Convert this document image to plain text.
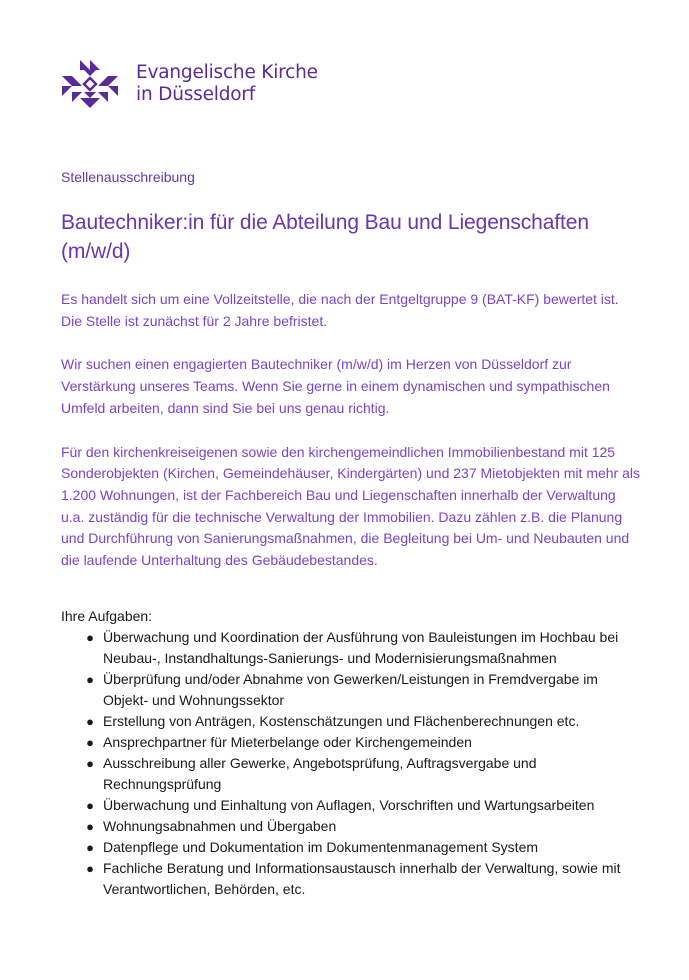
Evangelische Kirche
in Düsseldorf
Stellenausschreibung
Bautechniker:in für die Abteilung Bau und Liegenschaften (m/w/d)

Es handelt sich um eine Vollzeitstelle, die nach der Entgeltgruppe 9 (BAT-KF) bewertet ist. Die Stelle ist zunächst für 2 Jahre befristet.

Wir suchen einen engagierten Bautechniker (m/w/d) im Herzen von Düsseldorf zur Verstärkung unseres Teams. Wenn Sie gerne in einem dynamischen und sympathischen Umfeld arbeiten, dann sind Sie bei uns genau richtig.

Für den kirchenkreiseigenen sowie den kirchengemeindlichen Immobilienbestand mit 125 Sonderobjekten (Kirchen, Gemeindehäuser, Kindergärten) und 237 Mietobjekten mit mehr als 1.200 Wohnungen, ist der Fachbereich Bau und Liegenschaften innerhalb der Verwaltung u.a. zuständig für die technische Verwaltung der Immobilien. Dazu zählen z.B. die Planung und Durchführung von Sanierungsmaßnahmen, die Begleitung bei Um- und Neubauten und die laufende Unterhaltung des Gebäudebestandes.

Ihre Aufgaben:
● Überwachung und Koordination der Ausführung von Bauleistungen im Hochbau bei Neubau-, Instandhaltungs-Sanierungs- und Modernisierungsmaßnahmen
● Überprüfung und/oder Abnahme von Gewerken/Leistungen in Fremdvergabe im Objekt- und Wohnungssektor
● Erstellung von Anträgen, Kostenschätzungen und Flächenberechnungen etc.
● Ansprechpartner für Mieterbelange oder Kirchengemeinden
● Ausschreibung aller Gewerke, Angebotsprüfung, Auftragsvergabe und Rechnungsprüfung
● Überwachung und Einhaltung von Auflagen, Vorschriften und Wartungsarbeiten
● Wohnungsabnahmen und Übergaben
● Datenpflege und Dokumentation im Dokumentenmanagement System
● Fachliche Beratung und Informationsaustausch innerhalb der Verwaltung, sowie mit Verantwortlichen, Behörden, etc.
